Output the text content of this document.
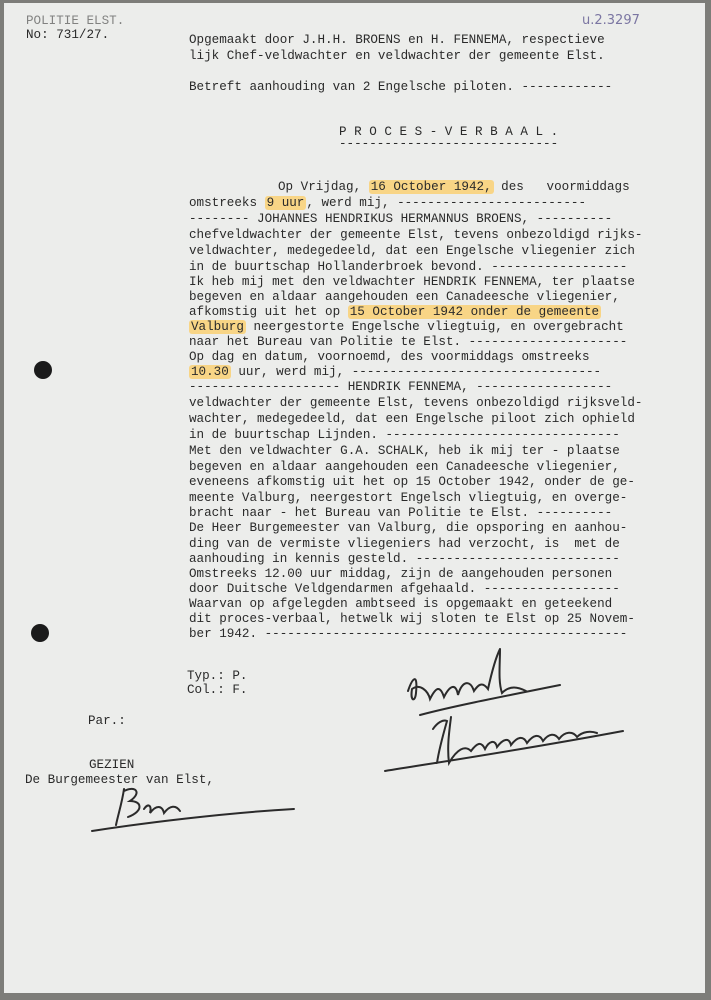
POLITIE ELST.
No: 731/27.
u.2.3297
Opgemaakt door J.H.H. BROENS en H. FENNEMA, respectieve
lijk Chef-veldwachter en veldwachter der gemeente Elst.
Betreft aanhouding van 2 Engelsche piloten. ------------
P R O C E S - V E R B A A L .
-----------------------------
Op Vrijdag, 16 October 1942, des   voormiddags
omstreeks 9 uur , werd mij, -------------------------
-------- JOHANNES HENDRIKUS HERMANNUS BROENS, ----------
chefveldwachter der gemeente Elst, tevens onbezoldigd rijks-
veldwachter, medegedeeld, dat een Engelsche vliegenier zich
in de buurtschap Hollanderbroek bevond. ------------------
Ik heb mij met den veldwachter HENDRIK FENNEMA, ter plaatse
begeven en aldaar aangehouden een Canadeesche vliegenier,
afkomstig uit het op 15 October 1942 onder de gemeente
Valburg neergestorte Engelsche vliegtuig, en overgebracht
naar het Bureau van Politie te Elst. ---------------------
Op dag en datum, voornoemd, des voormiddags omstreeks
10.30 uur, werd mij, ---------------------------------
-------------------- HENDRIK FENNEMA, ------------------
veldwachter der gemeente Elst, tevens onbezoldigd rijksveld-
wachter, medegedeeld, dat een Engelsche piloot zich ophield
in de buurtschap Lijnden. -------------------------------
Met den veldwachter G.A. SCHALK, heb ik mij ter - plaatse
begeven en aldaar aangehouden een Canadeesche vliegenier,
eveneens afkomstig uit het op 15 October 1942, onder de ge-
meente Valburg, neergestort Engelsch vliegtuig, en overge-
bracht naar - het Bureau van Politie te Elst. ----------
De Heer Burgemeester van Valburg, die opsporing en aanhou-
ding van de vermiste vliegeniers had verzocht, is  met de
aanhouding in kennis gesteld. ---------------------------
Omstreeks 12.00 uur middag, zijn de aangehouden personen
door Duitsche Veldgendarmen afgehaald. ------------------
Waarvan op afgelegden ambtseed is opgemaakt en geteekend
dit proces-verbaal, hetwelk wij sloten te Elst op 25 Novem-
ber 1942. ------------------------------------------------
Typ.: P.
Col.: F.
Par.:
GEZIEN
De Burgemeester van Elst,
